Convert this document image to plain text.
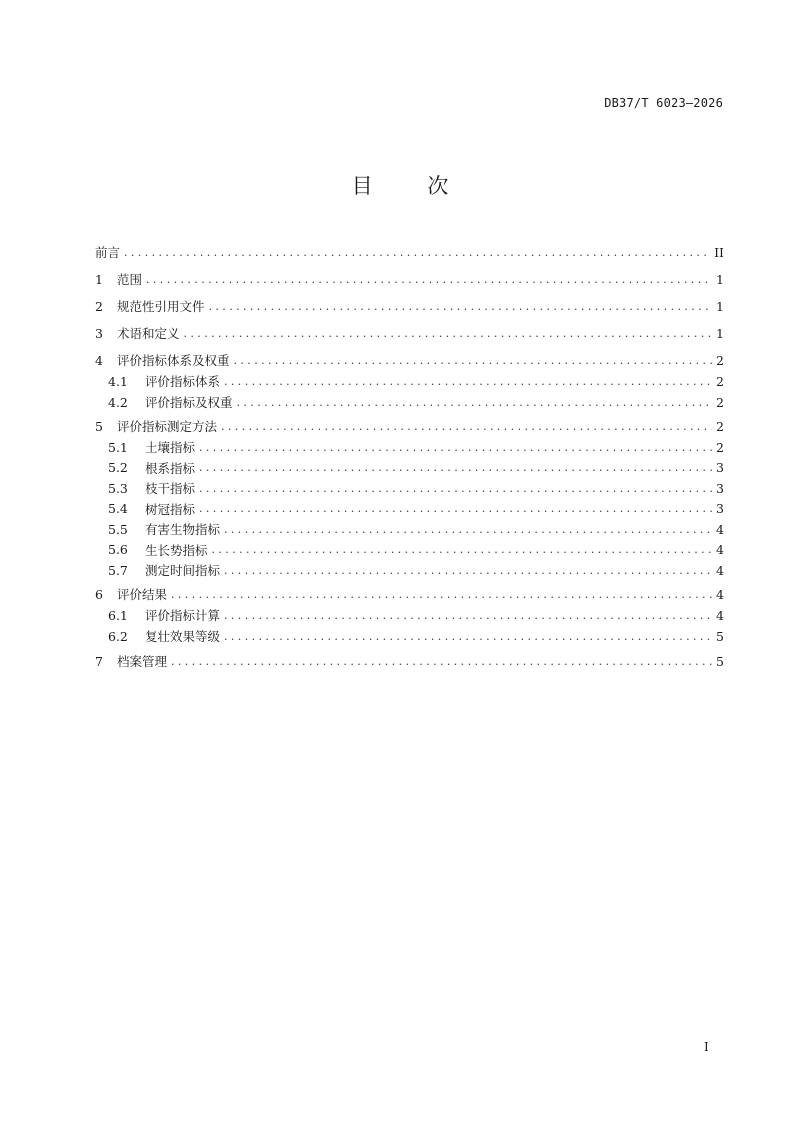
DB37/T 6023—2026
目	次
前言 .....	II
1	范围 .....	1
2	规范性引用文件 .....	1
3	术语和定义 .....	1
4	评价指标体系及权重 .....	2
4.1	评价指标体系 .....	2
4.2	评价指标及权重 .....	2
5	评价指标测定方法 .....	2
5.1	土壤指标 .....	2
5.2	根系指标 .....	3
5.3	枝干指标 .....	3
5.4	树冠指标 .....	3
5.5	有害生物指标 .....	4
5.6	生长势指标 .....	4
5.7	测定时间指标 .....	4
6	评价结果 .....	4
6.1	评价指标计算 .....	4
6.2	复壮效果等级 .....	5
7	档案管理 .....	5
I
